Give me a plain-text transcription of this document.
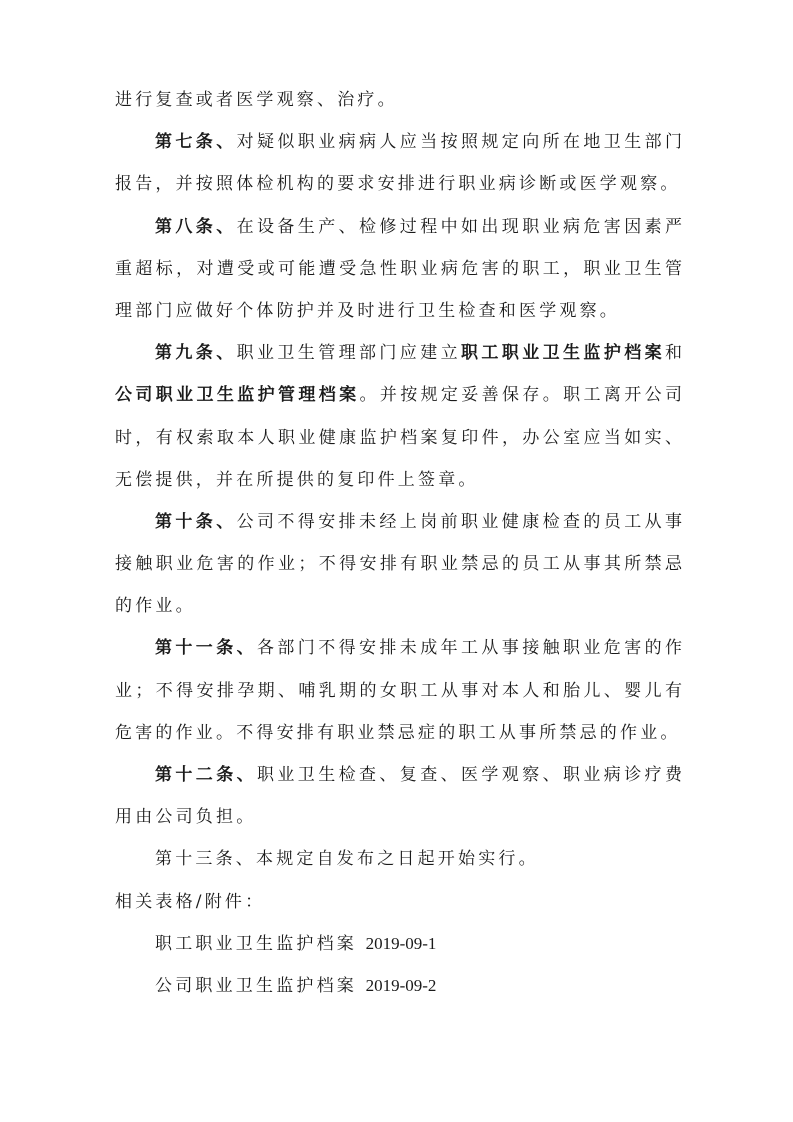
进行复查或者医学观察、治疗。
第七条、对疑似职业病病人应当按照规定向所在地卫生部门
报告，并按照体检机构的要求安排进行职业病诊断或医学观察。
第八条、在设备生产、检修过程中如出现职业病危害因素严
重超标，对遭受或可能遭受急性职业病危害的职工，职业卫生管
理部门应做好个体防护并及时进行卫生检查和医学观察。
第九条、职业卫生管理部门应建立职工职业卫生监护档案和
公司职业卫生监护管理档案。并按规定妥善保存。职工离开公司
时，有权索取本人职业健康监护档案复印件，办公室应当如实、
无偿提供，并在所提供的复印件上签章。
第十条、公司不得安排未经上岗前职业健康检查的员工从事
接触职业危害的作业；不得安排有职业禁忌的员工从事其所禁忌
的作业。
第十一条、各部门不得安排未成年工从事接触职业危害的作
业；不得安排孕期、哺乳期的女职工从事对本人和胎儿、婴儿有
危害的作业。不得安排有职业禁忌症的职工从事所禁忌的作业。
第十二条、职业卫生检查、复查、医学观察、职业病诊疗费
用由公司负担。
第十三条、本规定自发布之日起开始实行。
相关表格/附件：
职工职业卫生监护档案 2019-09-1
公司职业卫生监护档案 2019-09-2
